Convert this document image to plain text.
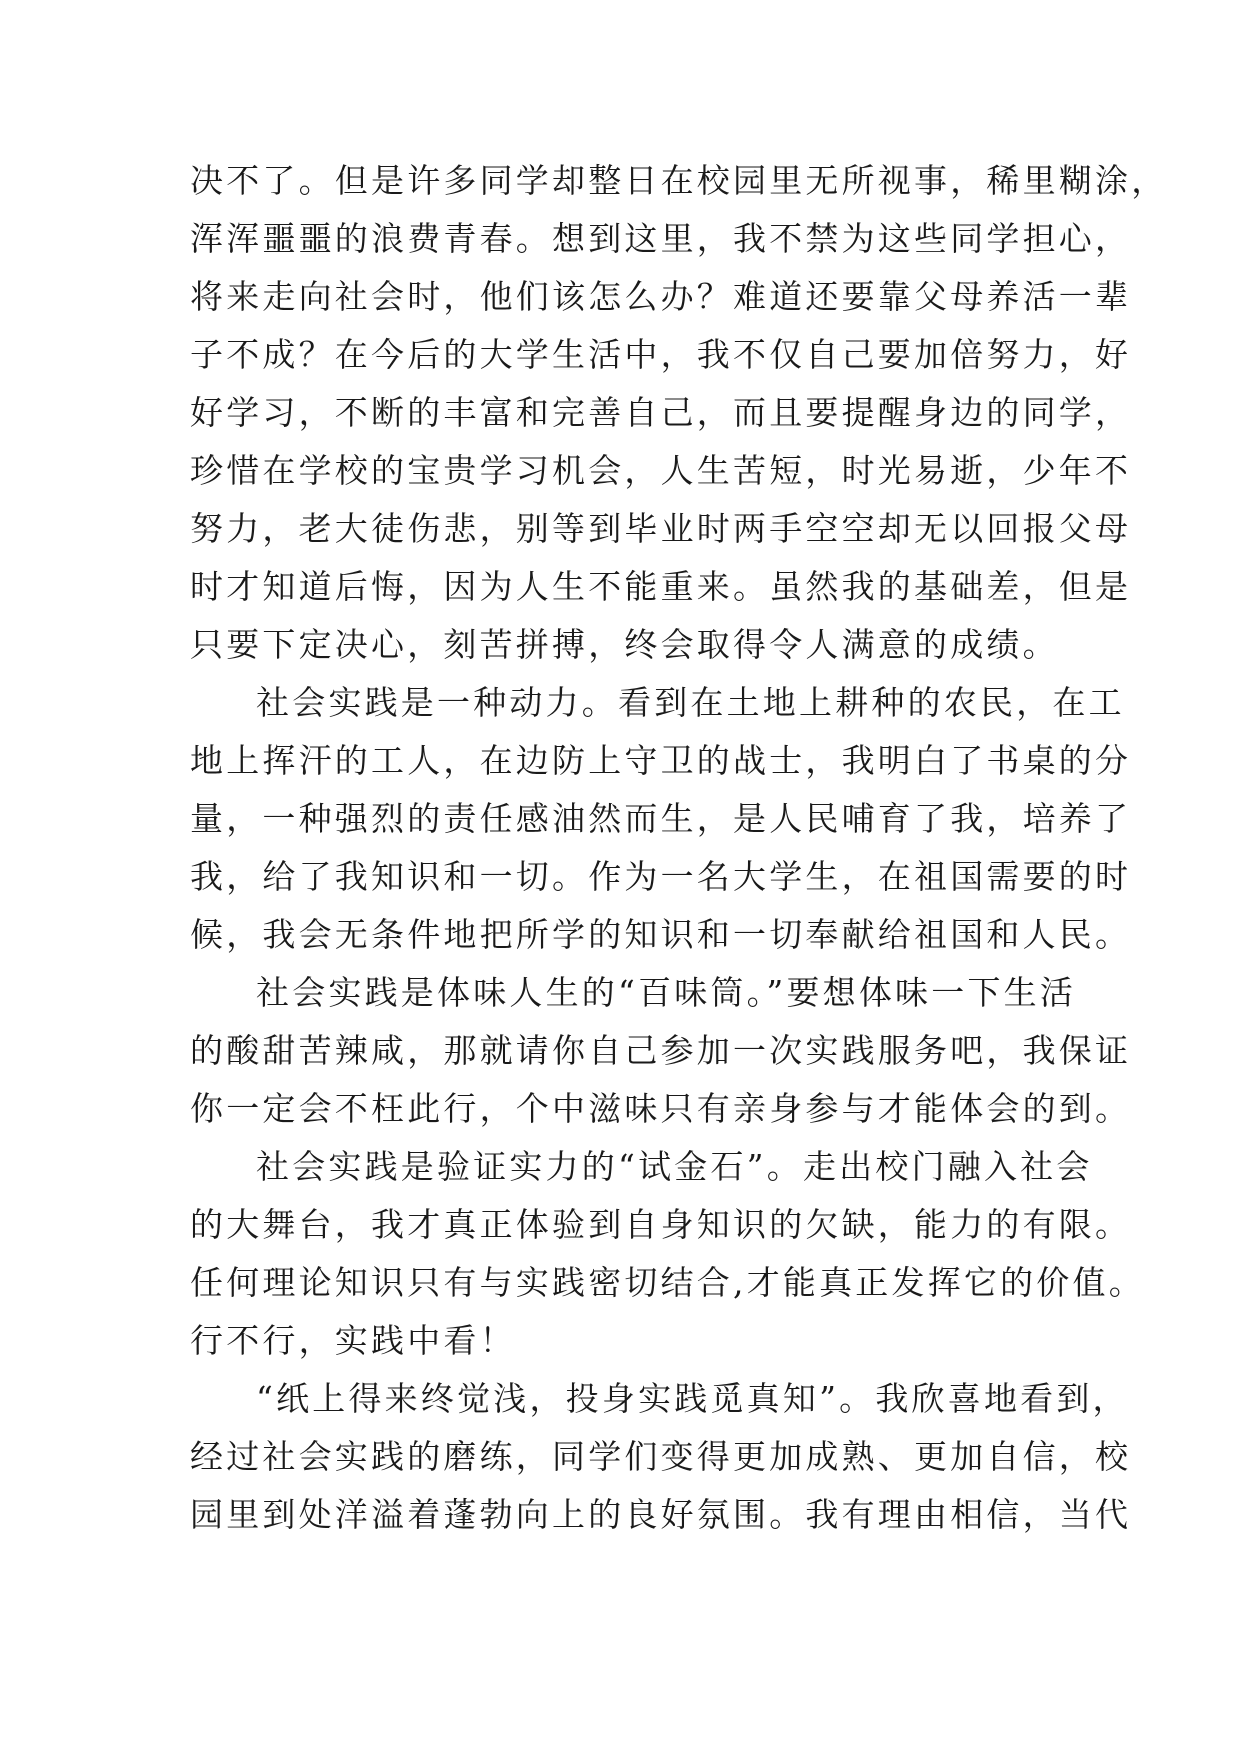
决不了。但是许多同学却整日在校园里无所视事，稀里糊涂，
浑浑噩噩的浪费青春。想到这里，我不禁为这些同学担心，
将来走向社会时，他们该怎么办？难道还要靠父母养活一辈
子不成？在今后的大学生活中，我不仅自己要加倍努力，好
好学习，不断的丰富和完善自己，而且要提醒身边的同学，
珍惜在学校的宝贵学习机会，人生苦短，时光易逝，少年不
努力，老大徒伤悲，别等到毕业时两手空空却无以回报父母
时才知道后悔，因为人生不能重来。虽然我的基础差，但是
只要下定决心，刻苦拼搏，终会取得令人满意的成绩。
社会实践是一种动力。看到在土地上耕种的农民，在工
地上挥汗的工人，在边防上守卫的战士，我明白了书桌的分
量，一种强烈的责任感油然而生，是人民哺育了我，培养了
我，给了我知识和一切。作为一名大学生，在祖国需要的时
候，我会无条件地把所学的知识和一切奉献给祖国和人民。
社会实践是体味人生的“百味筒。”要想体味一下生活
的酸甜苦辣咸，那就请你自己参加一次实践服务吧，我保证
你一定会不枉此行，个中滋味只有亲身参与才能体会的到。
社会实践是验证实力的“试金石”。走出校门融入社会
的大舞台，我才真正体验到自身知识的欠缺，能力的有限。
任何理论知识只有与实践密切结合,才能真正发挥它的价值。
行不行，实践中看！
“纸上得来终觉浅，投身实践觅真知”。我欣喜地看到，
经过社会实践的磨练，同学们变得更加成熟、更加自信，校
园里到处洋溢着蓬勃向上的良好氛围。我有理由相信，当代
